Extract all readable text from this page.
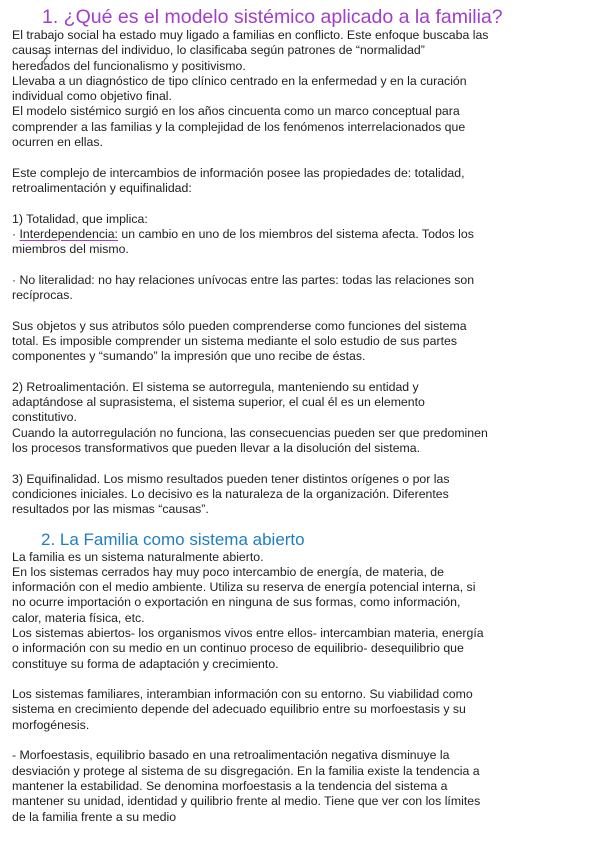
1. ¿Qué es el modelo sistémico aplicado a la familia?

El trabajo social ha estado muy ligado a familias en conflicto. Este enfoque buscaba las
causas internas del individuo, lo clasificaba según patrones de “normalidad”
heredados del funcionalismo y positivismo.

Llevaba a un diagnóstico de tipo clínico centrado en la enfermedad y en la curación
individual como objetivo final.

El modelo sistémico surgió en los años cincuenta como un marco conceptual para
comprender a las familias y la complejidad de los fenómenos interrelacionados que
ocurren en ellas.

Este complejo de intercambios de información posee las propiedades de: totalidad,
retroalimentación y equifinalidad:

1) Totalidad, que implica:

· Interdependencia: un cambio en uno de los miembros del sistema afecta. Todos los
miembros del mismo.

· No literalidad: no hay relaciones unívocas entre las partes: todas las relaciones son
recíprocas.

Sus objetos y sus atributos sólo pueden comprenderse como funciones del sistema
total. Es imposible comprender un sistema mediante el solo estudio de sus partes
componentes y “sumando” la impresión que uno recibe de éstas.

2) Retroalimentación. El sistema se autorregula, manteniendo su entidad y
adaptándose al suprasistema, el sistema superior, el cual él es un elemento
constitutivo.

Cuando la autorregulación no funciona, las consecuencias pueden ser que predominen
los procesos transformativos que pueden llevar a la disolución del sistema.

3) Equifinalidad. Los mismo resultados pueden tener distintos orígenes o por las
condiciones iniciales. Lo decisivo es la naturaleza de la organización. Diferentes
resultados por las mismas “causas”.

2. La Familia como sistema abierto

La familia es un sistema naturalmente abierto.

En los sistemas cerrados hay muy poco intercambio de energía, de materia, de
información con el medio ambiente. Utiliza su reserva de energía potencial interna, si
no ocurre importación o exportación en ninguna de sus formas, como información,
calor, materia física, etc.

Los sistemas abiertos- los organismos vivos entre ellos- intercambian materia, energía
o información con su medio en un continuo proceso de equilibrio- desequilibrio que
constituye su forma de adaptación y crecimiento.

Los sistemas familiares, interambian información con su entorno. Su viabilidad como
sistema en crecimiento depende del adecuado equilibrio entre su morfoestasis y su
morfogénesis.

- Morfoestasis, equilibrio basado en una retroalimentación negativa disminuye la
desviación y protege al sistema de su disgregación. En la familia existe la tendencia a
mantener la estabilidad. Se denomina morfoestasis a la tendencia del sistema a
mantener su unidad, identidad y quilibrio frente al medio. Tiene que ver con los límites
de la familia frente a su medio
